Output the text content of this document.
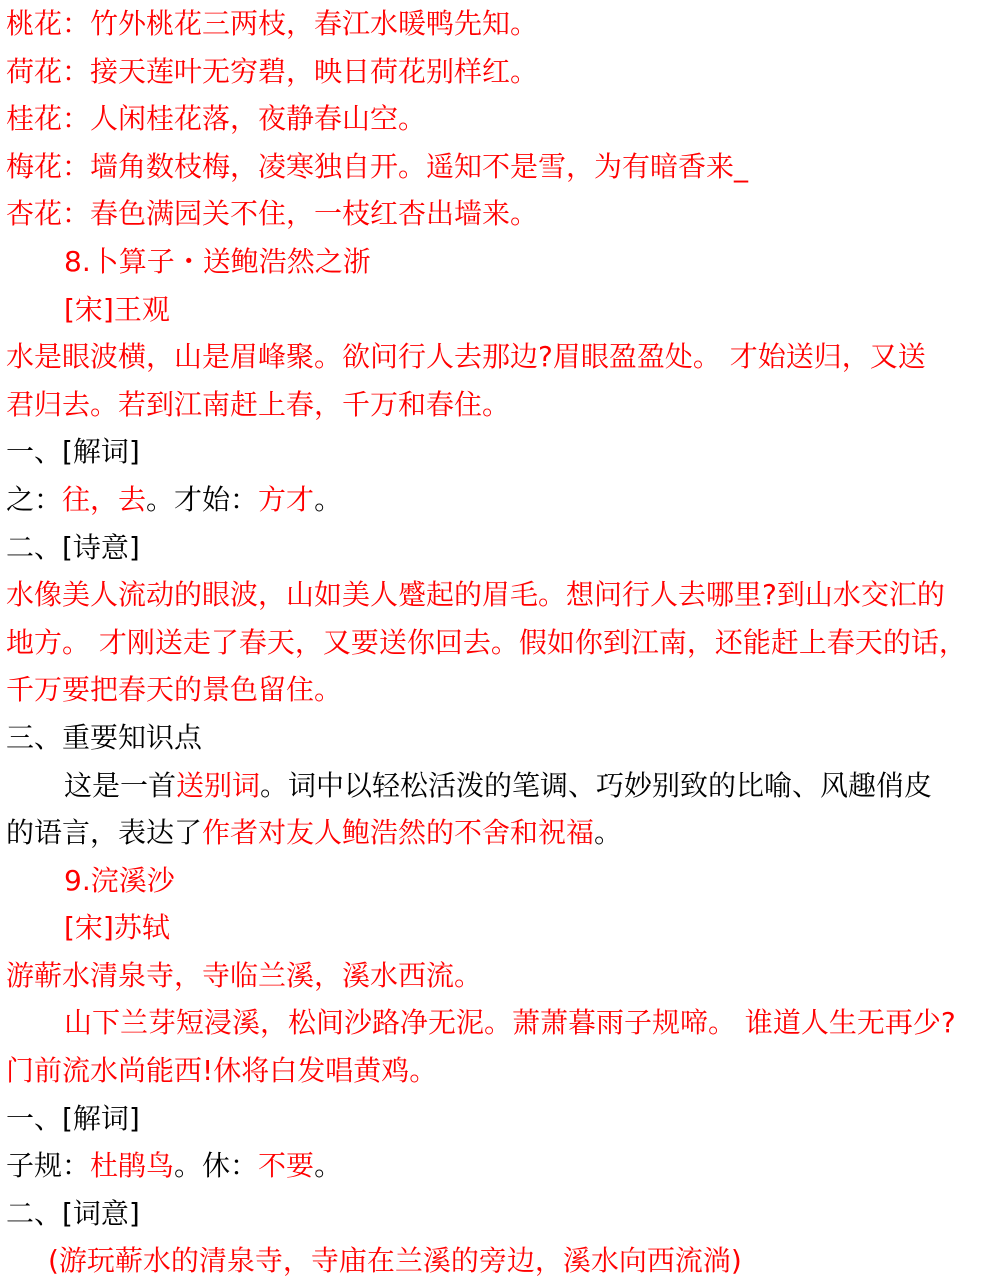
桃花：竹外桃花三两枝，春江水暖鸭先知。
荷花：接天莲叶无穷碧，映日荷花别样红。
桂花：人闲桂花落，夜静春山空。
梅花：墙角数枝梅，凌寒独自开。遥知不是雪，为有暗香来_
杏花：春色满园关不住，一枝红杏出墙来。
8.卜算子・送鲍浩然之浙
[宋]王观
水是眼波横，山是眉峰聚。欲问行人去那边?眉眼盈盈处。 才始送归，又送
君归去。若到江南赶上春，千万和春住。
一、[解词]
之：往，去。才始：方才。
二、[诗意]
水像美人流动的眼波，山如美人蹙起的眉毛。想问行人去哪里?到山水交汇的
地方。 才刚送走了春天，又要送你回去。假如你到江南，还能赶上春天的话，
千万要把春天的景色留住。
三、重要知识点
这是一首送别词。词中以轻松活泼的笔调、巧妙别致的比喻、风趣俏皮
的语言，表达了作者对友人鲍浩然的不舍和祝福。
9.浣溪沙
[宋]苏轼
游蕲水清泉寺，寺临兰溪，溪水西流。
山下兰芽短浸溪，松间沙路净无泥。萧萧暮雨子规啼。 谁道人生无再少?
门前流水尚能西!休将白发唱黄鸡。
一、[解词]
子规：杜鹃鸟。休：不要。
二、[词意]
(游玩蕲水的清泉寺，寺庙在兰溪的旁边，溪水向西流淌)
